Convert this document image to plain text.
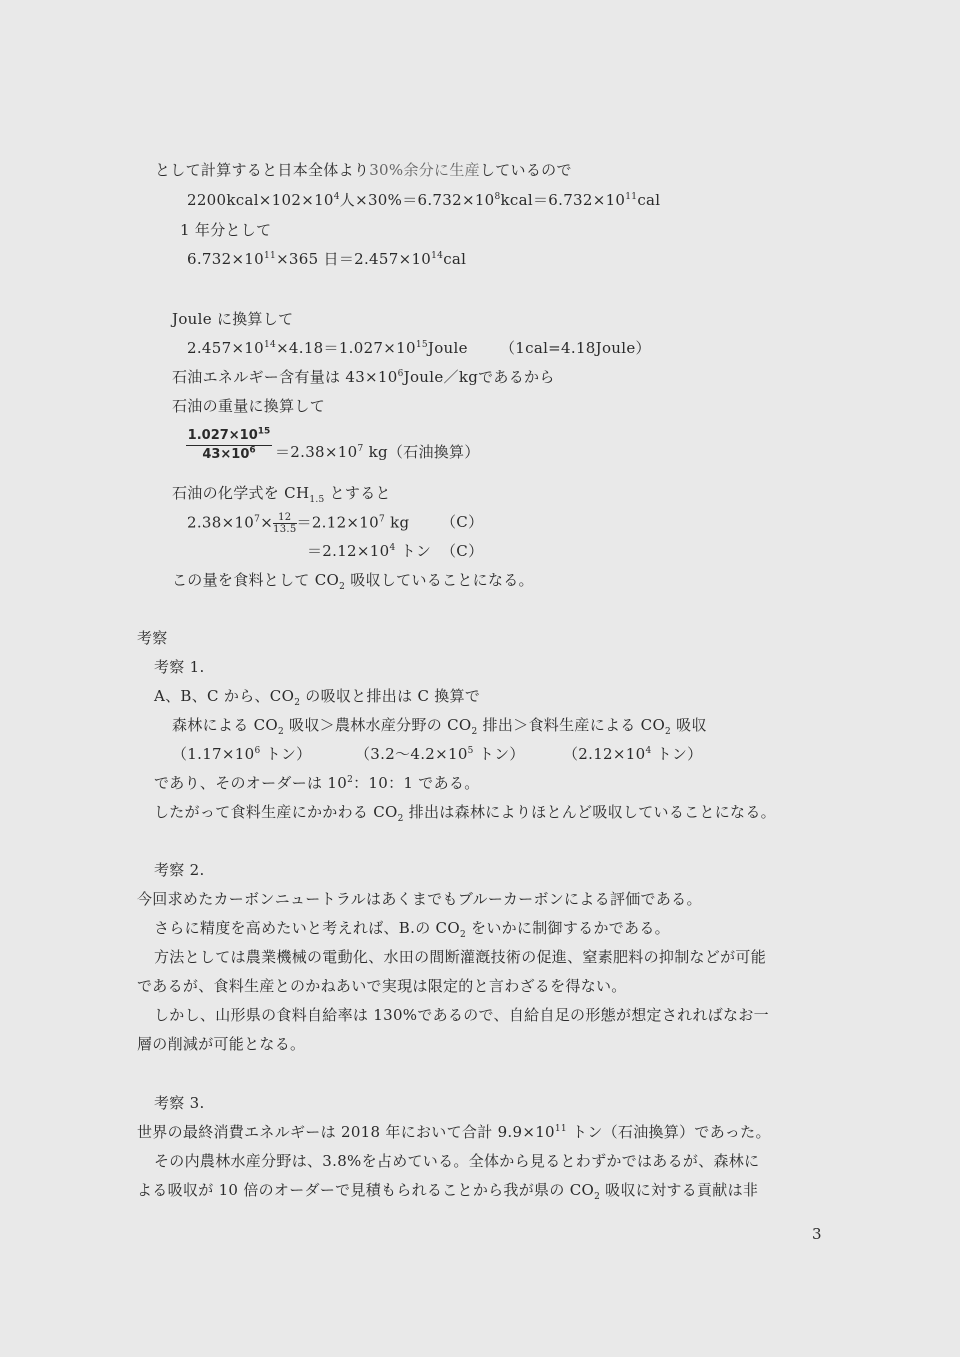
として計算すると日本全体より30%余分に生産しているので
$2200kcal\times 102\times 10^4$人$\times 30\%=6.732\times 10^8kcal=6.732\times 10^{11}cal$
1 年分として
$6.732\times 10^{11}\times 365$ 日$=2.457\times 10^{14}cal$
Joule に換算して
$2.457\times 10^{14}\times 4.18=1.027\times 10^{15}Joule$ （1cal=4.18Joule）
石油エネルギー含有量は $43\times 10^6Joule/kg$であるから
石油の重量に換算して
$1.027\times 10^{15}$
$43\times 10^6$	$=2.38\times 10^7$ kg（石油換算）
石油の化学式を $CH_{1.5}$ とすると
$2.38\times 10^7\times \frac{12}{13.5} =2.12\times 10^7$ kg （C）
$=2.12\times 10^4$ トン （C）
この量を食料として $CO_2$ 吸収していることになる。
考察
考察 1.
A、B、C から、$CO_2$ の吸収と排出は C 換算で
森林による $CO_2$ 吸収＞農林水産分野の $CO_2$ 排出＞食料生産による $CO_2$ 吸収
（$1.17\times 10^6$ トン）	（3.2〜$4.2\times 10^5$ トン）	（$2.12\times 10^4$ トン）
であり、そのオーダーは $10^2$：10：1 である。
したがって食料生産にかかわる $CO_2$ 排出は森林によりほとんど吸収していることになる。
考察 2.
今回求めたカーボンニュートラルはあくまでもブルーカーボンによる評価である。
さらに精度を高めたいと考えれば、B.の $CO_2$ をいかに制御するかである。
方法としては農業機械の電動化、水田の間断灌漑技術の促進、窒素肥料の抑制などが可能
であるが、食料生産とのかねあいで実現は限定的と言わざるを得ない。
しかし、山形県の食料自給率は 130%であるので、自給自足の形態が想定されればなお一
層の削減が可能となる。
考察 3.
世界の最終消費エネルギーは 2018 年において合計 $9.9\times 10^{11}$ トン（石油換算）であった。
その内農林水産分野は、3.8%を占めている。全体から見るとわずかではあるが、森林に
よる吸収が 10 倍のオーダーで見積もられることから我が県の $CO_2$ 吸収に対する貢献は非
3
